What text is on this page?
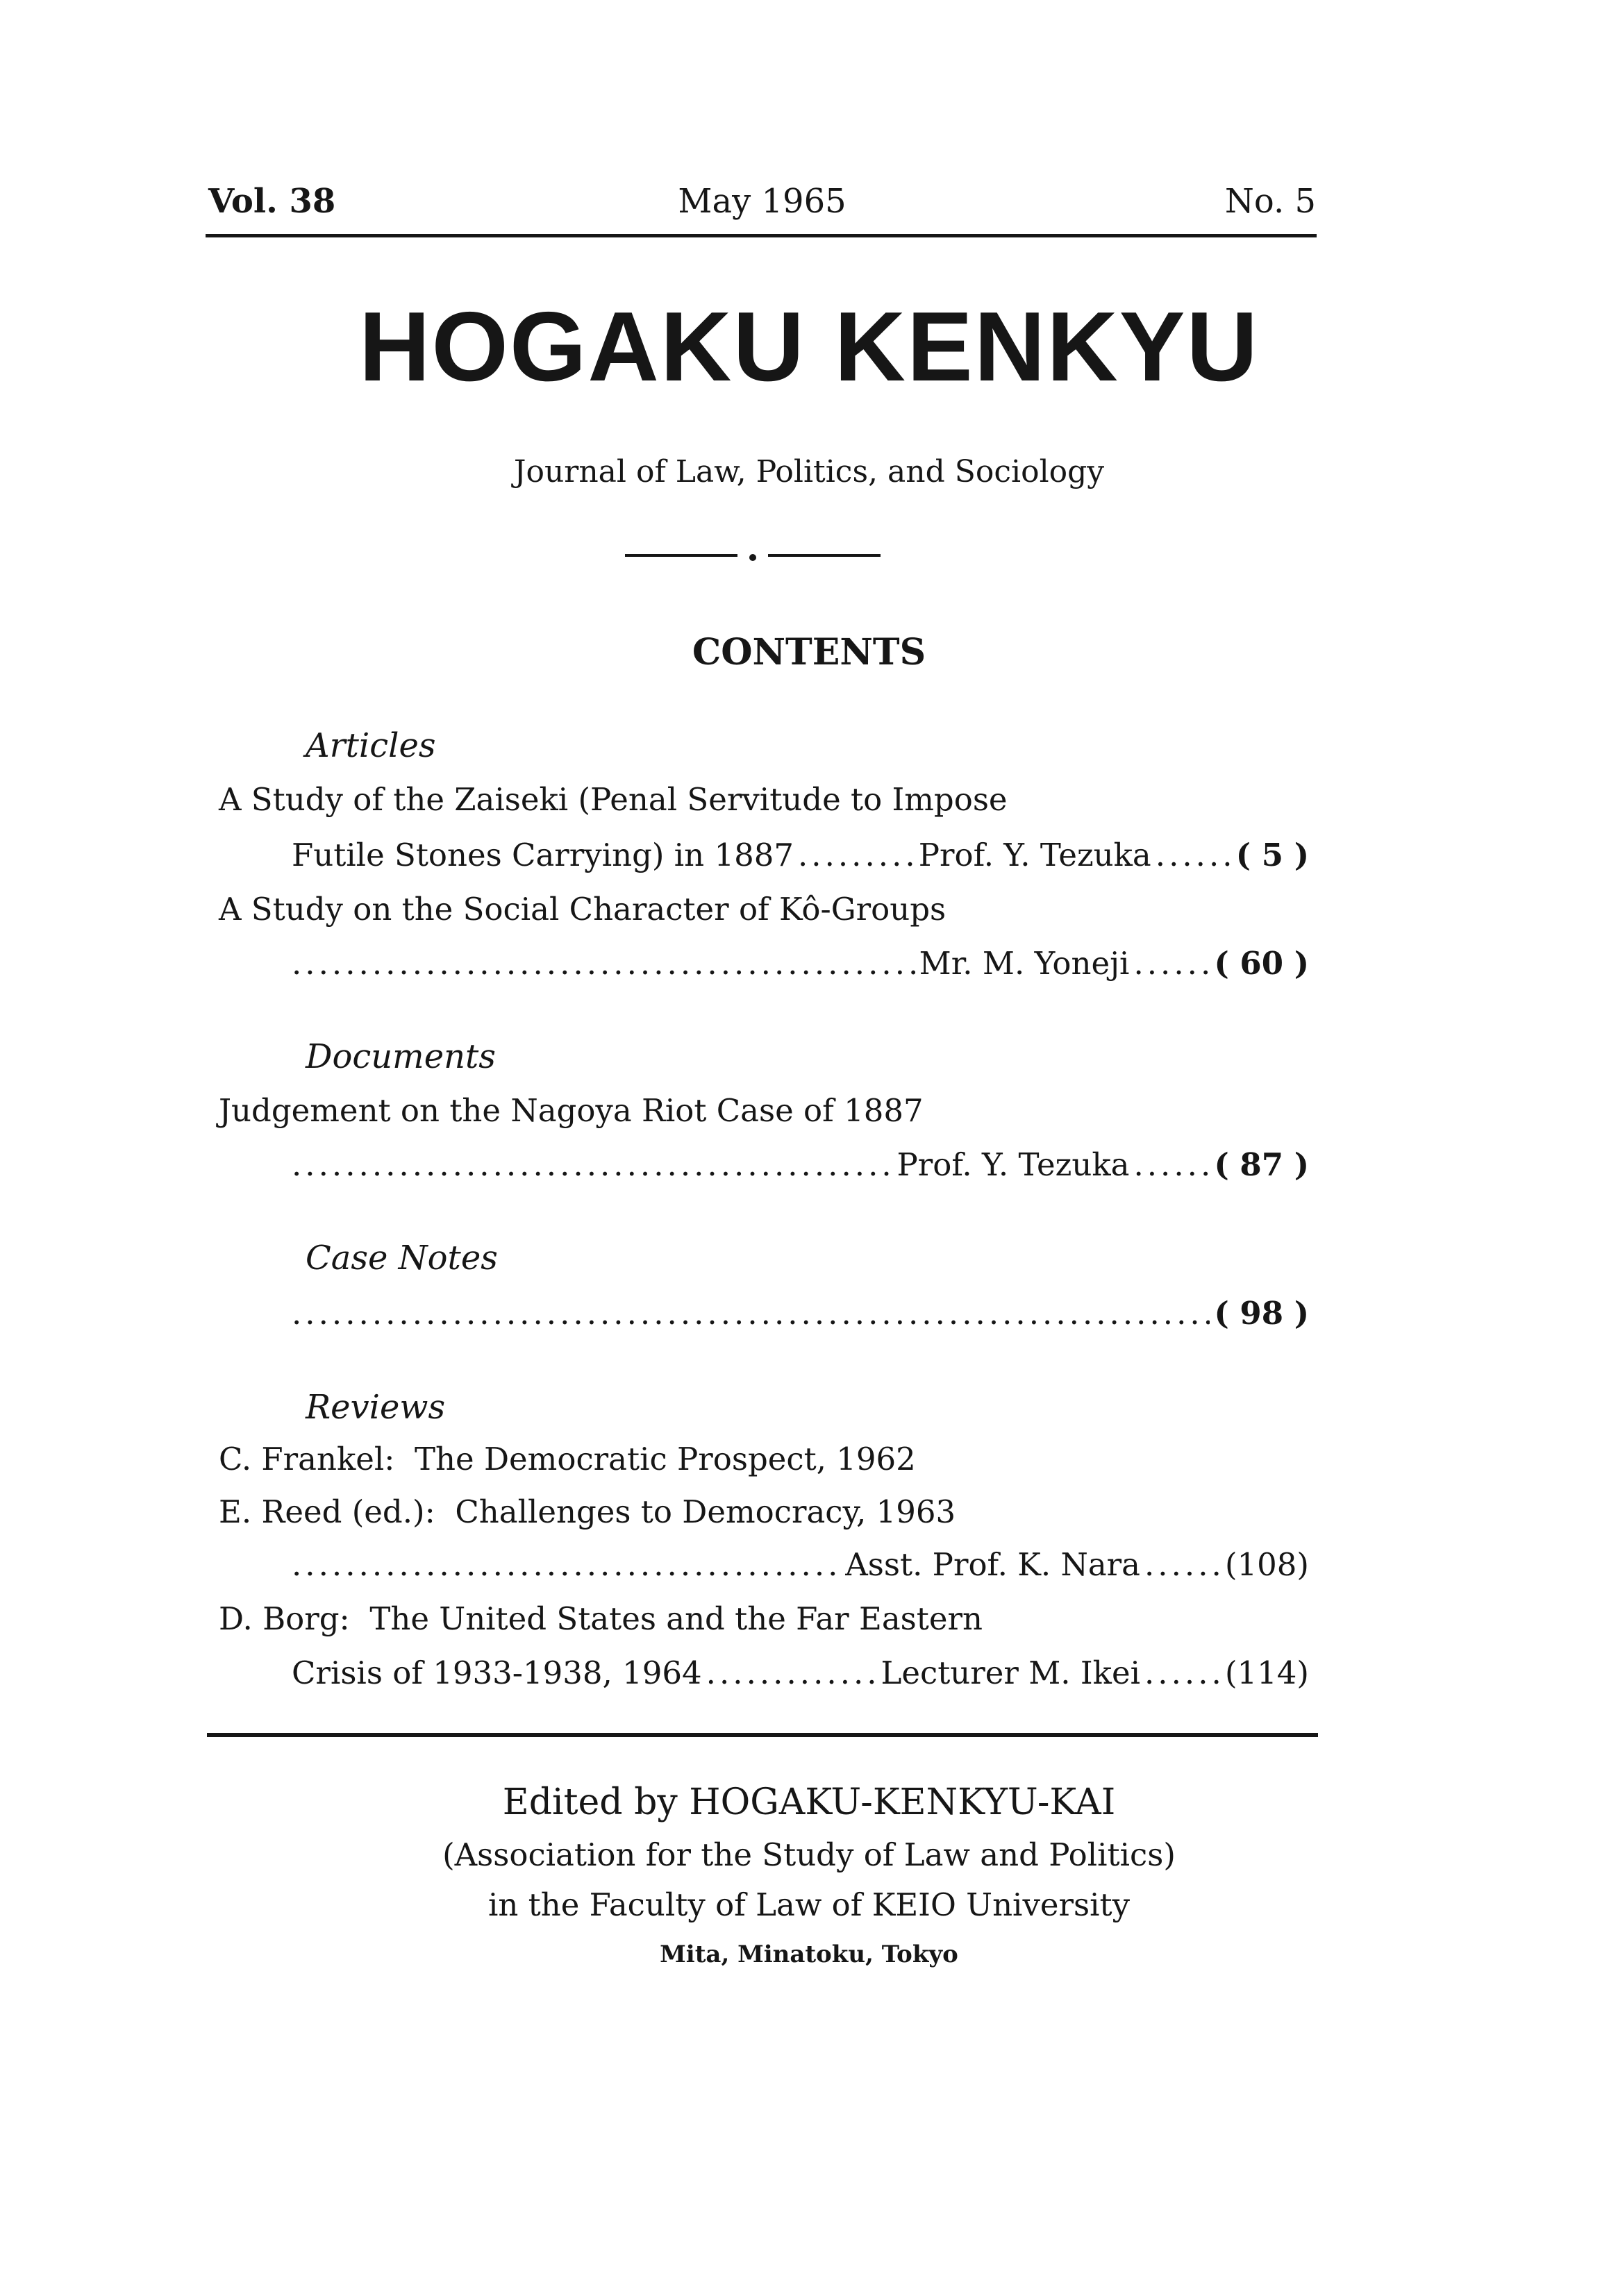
Vol. 38	May 1965	No. 5
HOGAKU KENKYU
Journal of Law, Politics, and Sociology
CONTENTS
Articles
A Study of the Zaiseki (Penal Servitude to Impose
Futile Stones Carrying) in 1887 .....	Prof. Y. Tezuka .....	( 5 )
A Study on the Social Character of Kô-Groups
.....
Mr. M. Yoneji .....	( 60 )
Documents
Judgement on the Nagoya Riot Case of 1887
.....
Prof. Y. Tezuka .....	( 87 )
Case Notes
.....
( 98 )
Reviews
C. Frankel:  The Democratic Prospect, 1962
E. Reed (ed.):  Challenges to Democracy, 1963
.....
Asst. Prof. K. Nara .....	(108)
D. Borg:  The United States and the Far Eastern
Crisis of 1933-1938, 1964 .....	Lecturer M. Ikei .....	(114)
Edited by HOGAKU-KENKYU-KAI
(Association for the Study of Law and Politics)
in the Faculty of Law of KEIO University
Mita, Minatoku, Tokyo
